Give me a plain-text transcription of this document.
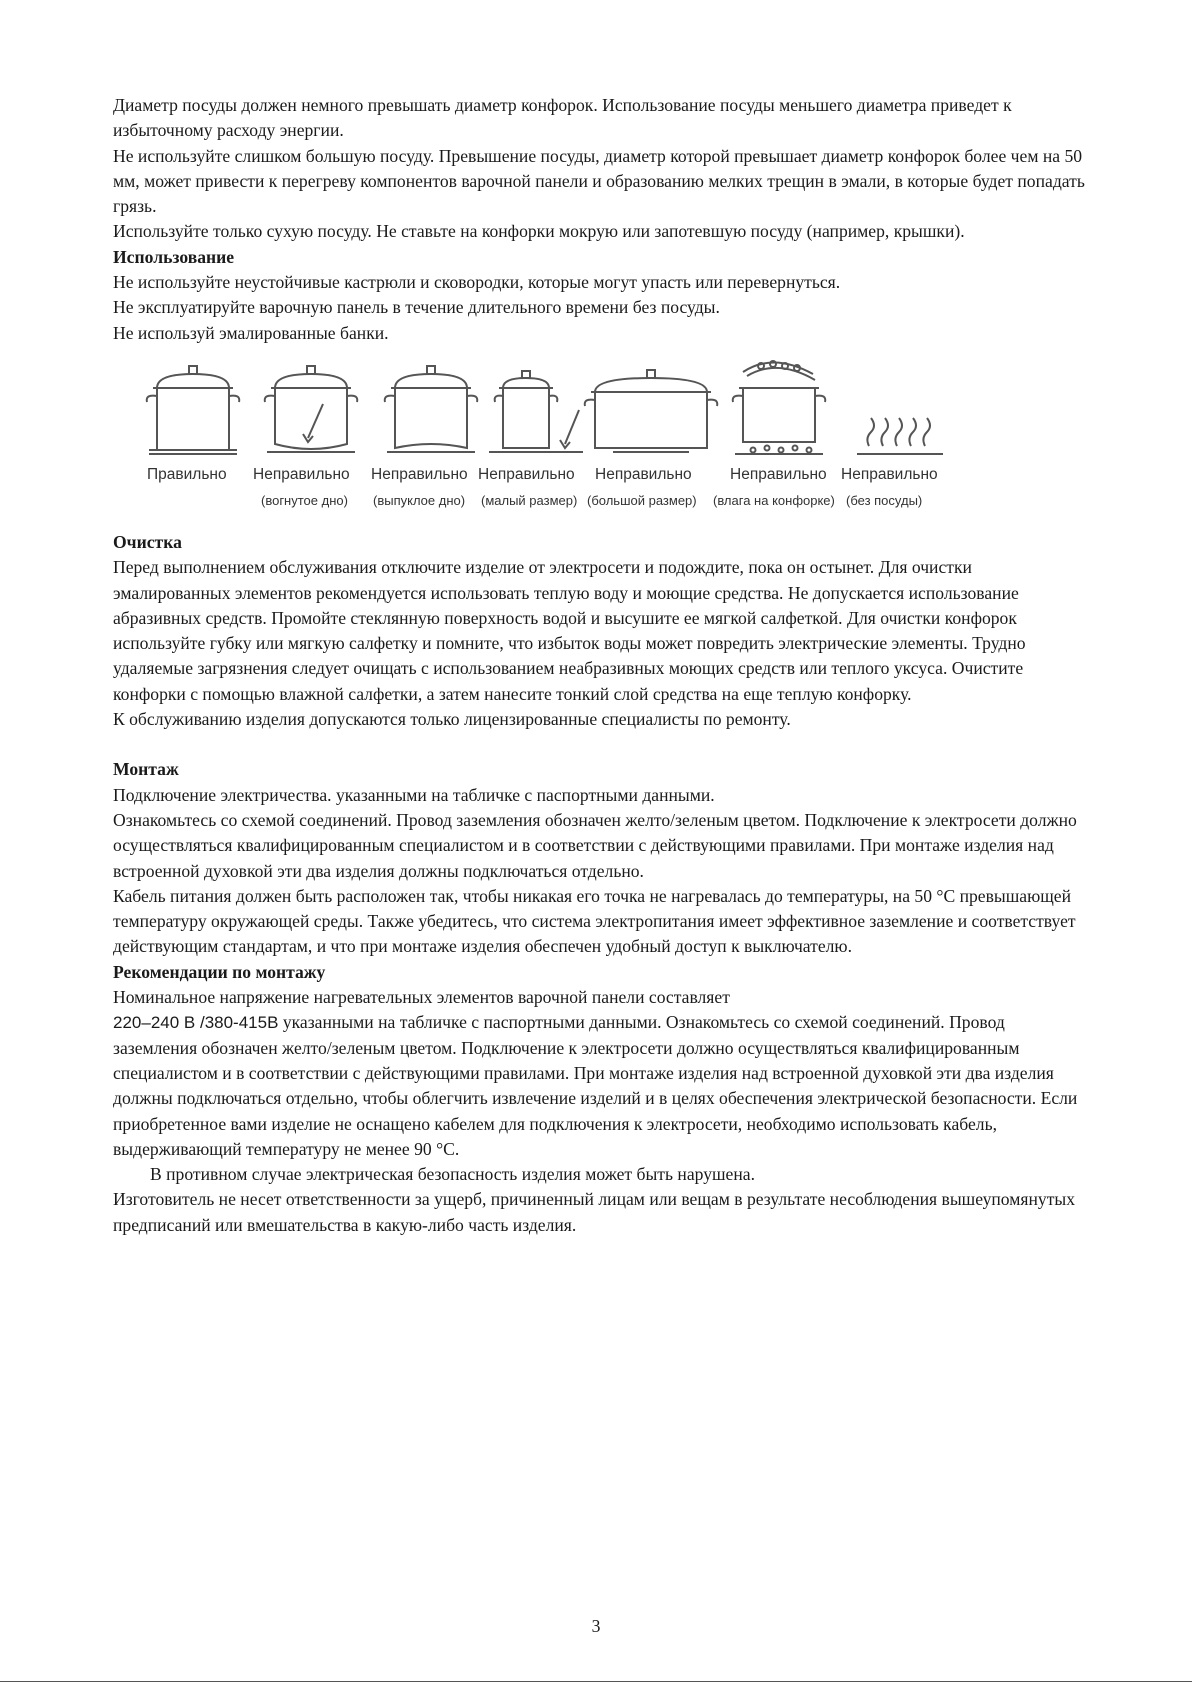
Диаметр посуды должен немного превышать диаметр конфорок. Использование посуды меньшего диаметра приведет к избыточному расходу энергии.

Не используйте слишком большую посуду. Превышение посуды, диаметр которой превышает диаметр конфорок более чем на 50 мм, может привести к перегреву компонентов варочной панели и образованию мелких трещин в эмали, в которые будет попадать грязь.

Используйте только сухую посуду. Не ставьте на конфорки мокрую или запотевшую посуду (например, крышки).

Использование

Не используйте неустойчивые кастрюли и сковородки, которые могут упасть или перевернуться.

Не эксплуатируйте варочную панель в течение длительного времени без посуды.

Не используй эмалированные банки.

Правильно Неправильно Неправильно Неправильно Неправильно Неправильно Неправильно
(вогнутое дно) (выпуклое дно) (малый размер) (большой размер) (влага на конфорке) (без посуды)
Очистка

Перед выполнением обслуживания отключите изделие от электросети и подождите, пока он остынет. Для очистки эмалированных элементов рекомендуется использовать теплую воду и моющие средства. Не допускается использование абразивных средств. Промойте стеклянную поверхность водой и высушите ее мягкой салфеткой. Для очистки конфорок используйте губку или мягкую салфетку и помните, что избыток воды может повредить электрические элементы. Трудно удаляемые загрязнения следует очищать с использованием неабразивных моющих средств или теплого уксуса. Очистите конфорки с помощью влажной салфетки, а затем нанесите тонкий слой средства на еще теплую конфорку.

К обслуживанию изделия допускаются только лицензированные специалисты по ремонту.

Монтаж

Подключение электричества. указанными на табличке с паспортными данными.

Ознакомьтесь со схемой соединений. Провод заземления обозначен желто/зеленым цветом. Подключение к электросети должно осуществляться квалифицированным специалистом и в соответствии с действующими правилами. При монтаже изделия над встроенной духовкой эти два изделия должны подключаться отдельно.

Кабель питания должен быть расположен так, чтобы никакая его точка не нагревалась до температуры, на 50 °С превышающей температуру окружающей среды. Также убедитесь, что система электропитания имеет эффективное заземление и соответствует действующим стандартам, и что при монтаже изделия обеспечен удобный доступ к выключателю.

Рекомендации по монтажу

Номинальное напряжение нагревательных элементов варочной панели составляет

220–240 В /380-415В указанными на табличке с паспортными данными. Ознакомьтесь со схемой соединений. Провод заземления обозначен желто/зеленым цветом. Подключение к электросети должно осуществляться квалифицированным специалистом и в соответствии с действующими правилами. При монтаже изделия над встроенной духовкой эти два изделия должны подключаться отдельно, чтобы облегчить извлечение изделий и в целях обеспечения электрической безопасности. Если приобретенное вами изделие не оснащено кабелем для подключения к электросети, необходимо использовать кабель, выдерживающий температуру не менее 90 °С.

В противном случае электрическая безопасность изделия может быть нарушена.

Изготовитель не несет ответственности за ущерб, причиненный лицам или вещам в результате несоблюдения вышеупомянутых предписаний или вмешательства в какую-либо часть изделия.

3
